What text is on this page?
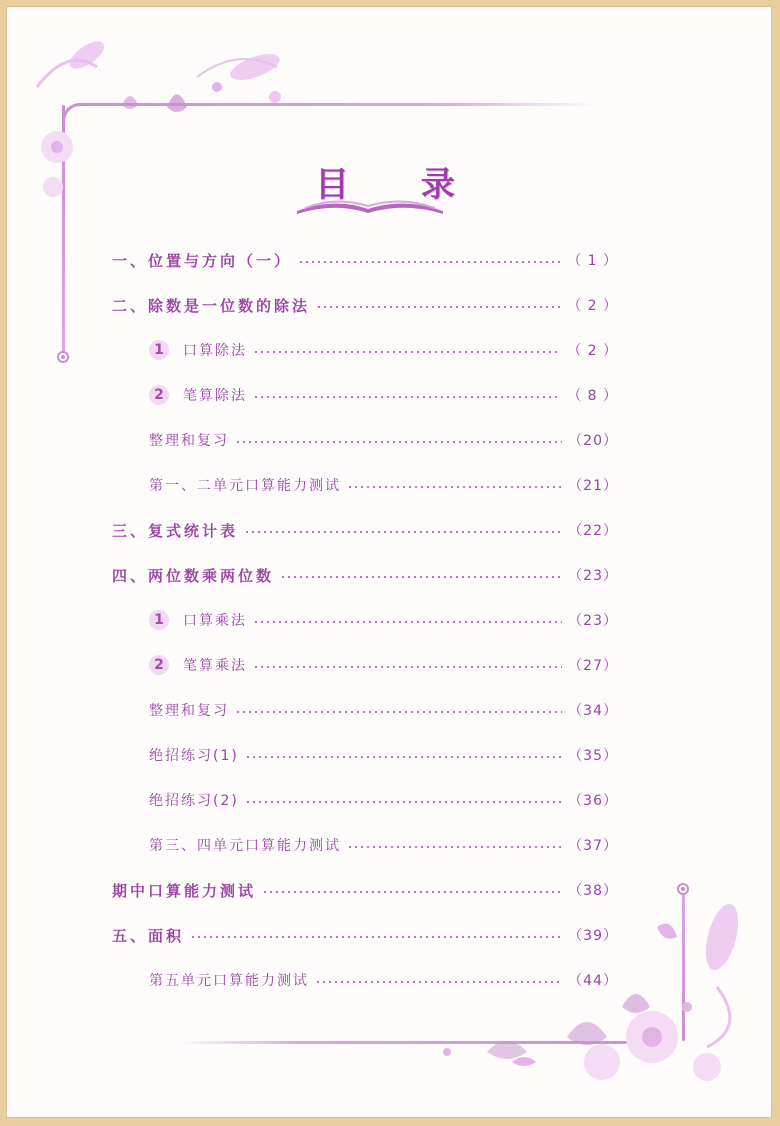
目 录
一、位置与方向（一）	（ 1 ）
二、除数是一位数的除法	（ 2 ）
1	口算除法	（ 2 ）
2	笔算除法	（ 8 ）
整理和复习	（20）
第一、二单元口算能力测试	（21）
三、复式统计表	（22）
四、两位数乘两位数	（23）
1	口算乘法	（23）
2	笔算乘法	（27）
整理和复习	（34）
绝招练习(1)	（35）
绝招练习(2)	（36）
第三、四单元口算能力测试	（37）
期中口算能力测试	（38）
五、面积	（39）
第五单元口算能力测试	（44）
